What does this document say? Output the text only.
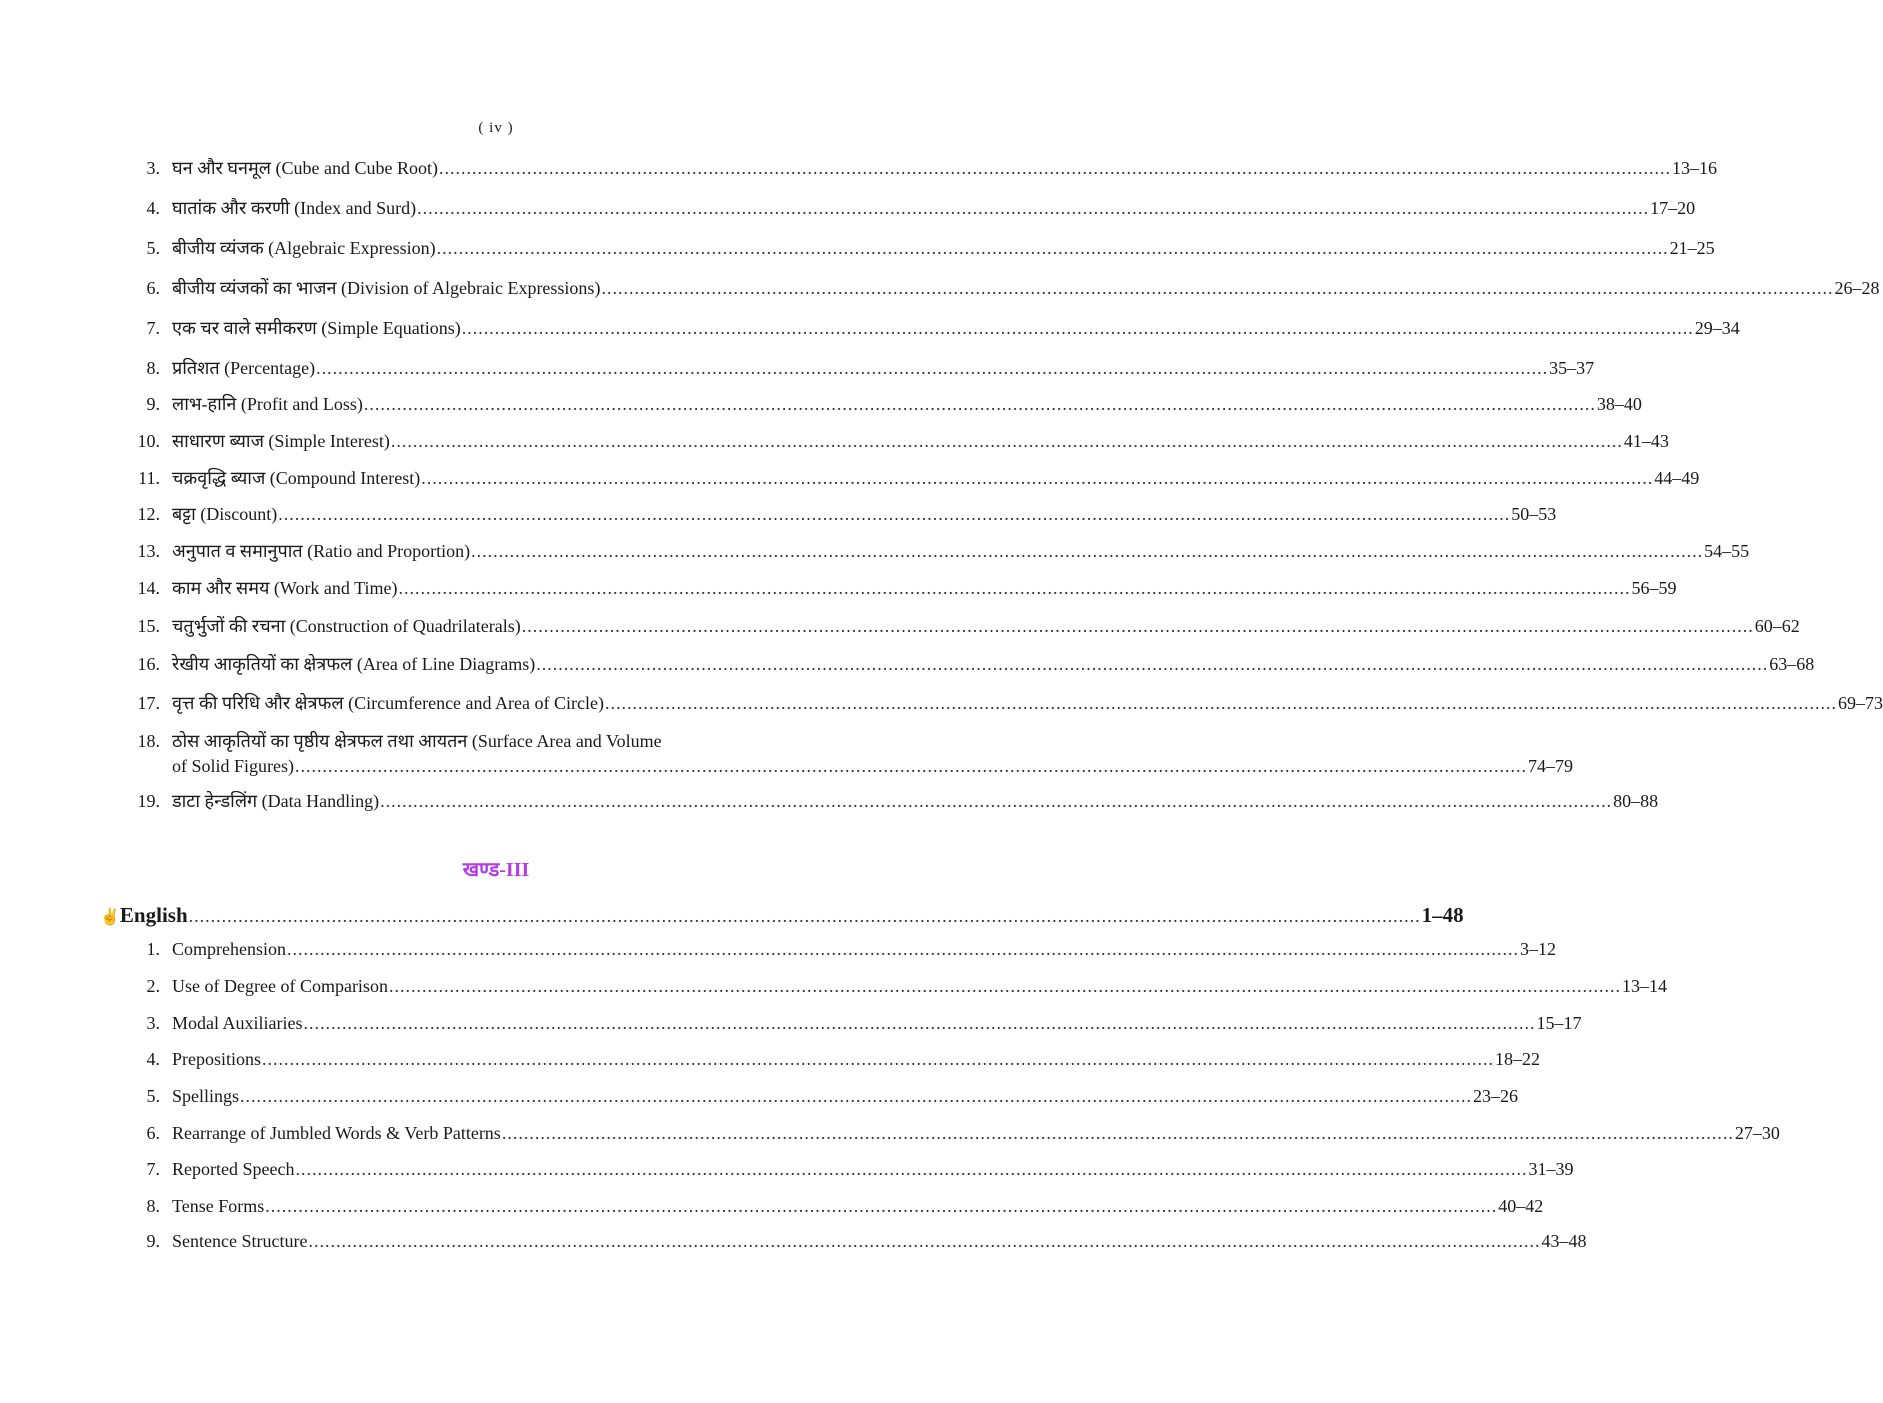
( iv )
3. घन और घनमूल (Cube and Cube Root) .....	13–16
4. घातांक और करणी (Index and Surd) .....	17–20
5. बीजीय व्यंजक (Algebraic Expression) .....	21–25
6. बीजीय व्यंजकों का भाजन (Division of Algebraic Expressions) .....	26–28
7. एक चर वाले समीकरण (Simple Equations) .....	29–34
8. प्रतिशत (Percentage) .....	35–37
9. लाभ-हानि (Profit and Loss) .....	38–40
10. साधारण ब्याज (Simple Interest) .....	41–43
11. चक्रवृद्धि ब्याज (Compound Interest) .....	44–49
12. बट्टा (Discount) .....	50–53
13. अनुपात व समानुपात (Ratio and Proportion) .....	54–55
14. काम और समय (Work and Time) .....	56–59
15. चतुर्भुजों की रचना (Construction of Quadrilaterals) .....	60–62
16. रेखीय आकृतियों का क्षेत्रफल (Area of Line Diagrams) .....	63–68
17. वृत्त की परिधि और क्षेत्रफल (Circumference and Area of Circle) .....	69–73
18. ठोस आकृतियों का पृष्ठीय क्षेत्रफल तथा आयतन (Surface Area and Volume
of Solid Figures) .....	74–79
19. डाटा हेन्डलिंग (Data Handling) .....	80–88
खण्ड-III
✌ English .....	1–48
1. Comprehension .....	3–12
2. Use of Degree of Comparison .....	13–14
3. Modal Auxiliaries .....	15–17
4. Prepositions .....	18–22
5. Spellings .....	23–26
6. Rearrange of Jumbled Words & Verb Patterns .....	27–30
7. Reported Speech .....	31–39
8. Tense Forms .....	40–42
9. Sentence Structure .....	43–48
